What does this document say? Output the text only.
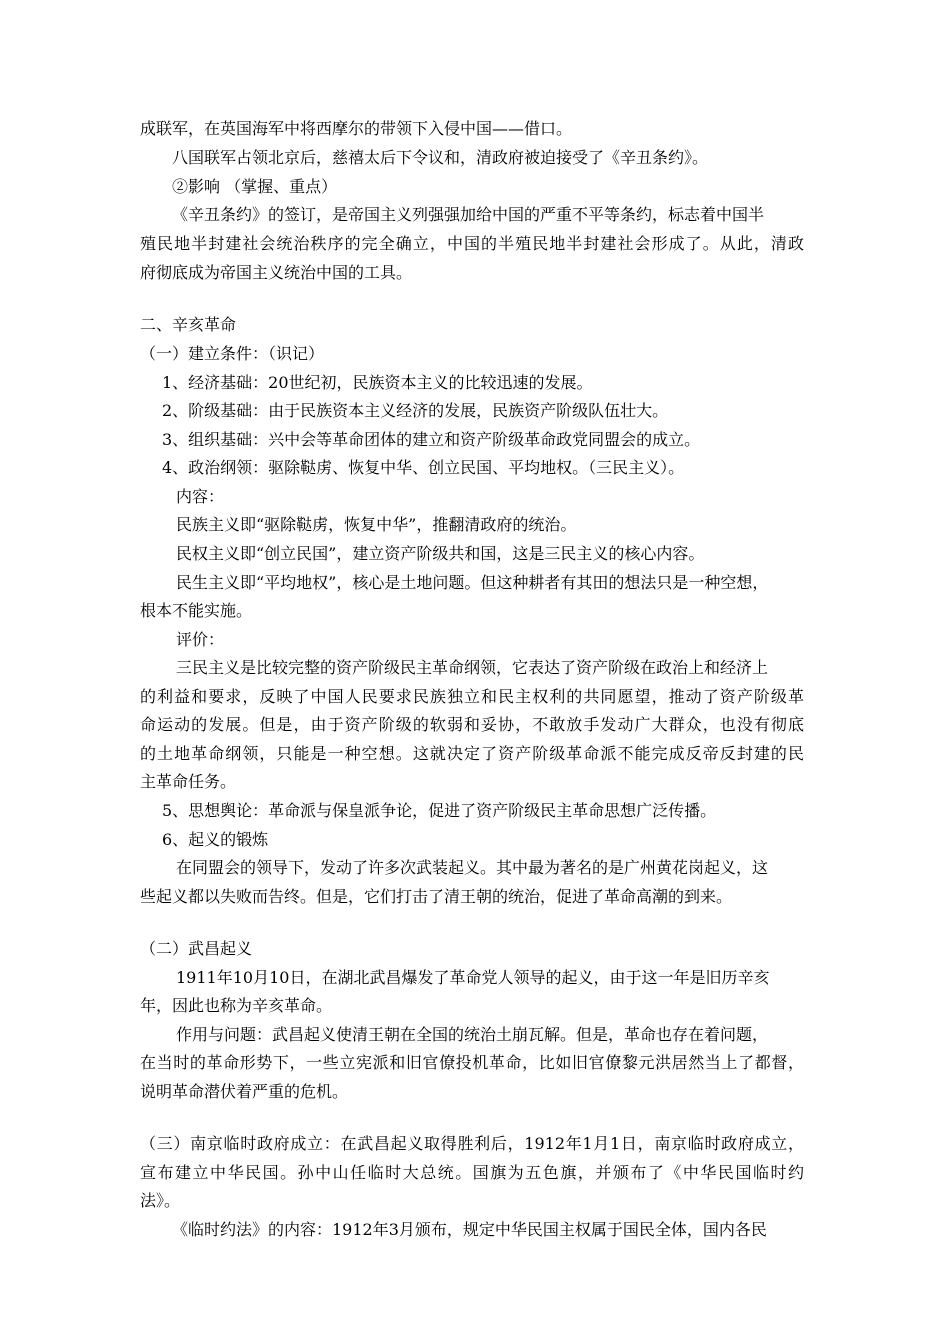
成联军，在英国海军中将西摩尔的带领下入侵中国——借口。
八国联军占领北京后，慈禧太后下令议和，清政府被迫接受了《辛丑条约》。
②影响 （掌握、重点）
《辛丑条约》的签订，是帝国主义列强强加给中国的严重不平等条约，标志着中国半
殖民地半封建社会统治秩序的完全确立，中国的半殖民地半封建社会形成了。从此，清政
府彻底成为帝国主义统治中国的工具。
二、辛亥革命
（一）建立条件：（识记）
1、经济基础：20世纪初，民族资本主义的比较迅速的发展。
2、阶级基础：由于民族资本主义经济的发展，民族资产阶级队伍壮大。
3、组织基础：兴中会等革命团体的建立和资产阶级革命政党同盟会的成立。
4、政治纲领：驱除鞑虏、恢复中华、创立民国、平均地权。（三民主义）。
内容：
民族主义即“驱除鞑虏，恢复中华”，推翻清政府的统治。
民权主义即“创立民国”，建立资产阶级共和国，这是三民主义的核心内容。
民生主义即“平均地权”，核心是土地问题。但这种耕者有其田的想法只是一种空想，
根本不能实施。
评价：
三民主义是比较完整的资产阶级民主革命纲领，它表达了资产阶级在政治上和经济上
的利益和要求，反映了中国人民要求民族独立和民主权利的共同愿望，推动了资产阶级革
命运动的发展。但是，由于资产阶级的软弱和妥协，不敢放手发动广大群众，也没有彻底
的土地革命纲领，只能是一种空想。这就决定了资产阶级革命派不能完成反帝反封建的民
主革命任务。
5、思想舆论：革命派与保皇派争论，促进了资产阶级民主革命思想广泛传播。
6、起义的锻炼
在同盟会的领导下，发动了许多次武装起义。其中最为著名的是广州黄花岗起义，这
些起义都以失败而告终。但是，它们打击了清王朝的统治，促进了革命高潮的到来。
（二）武昌起义
1911年10月10日，在湖北武昌爆发了革命党人领导的起义，由于这一年是旧历辛亥
年，因此也称为辛亥革命。
作用与问题：武昌起义使清王朝在全国的统治土崩瓦解。但是，革命也存在着问题，
在当时的革命形势下，一些立宪派和旧官僚投机革命，比如旧官僚黎元洪居然当上了都督，
说明革命潜伏着严重的危机。
（三）南京临时政府成立：在武昌起义取得胜利后，1912年1月1日，南京临时政府成立，
宣布建立中华民国。孙中山任临时大总统。国旗为五色旗，并颁布了《中华民国临时约
法》。
《临时约法》的内容：1912年3月颁布，规定中华民国主权属于国民全体，国内各民
